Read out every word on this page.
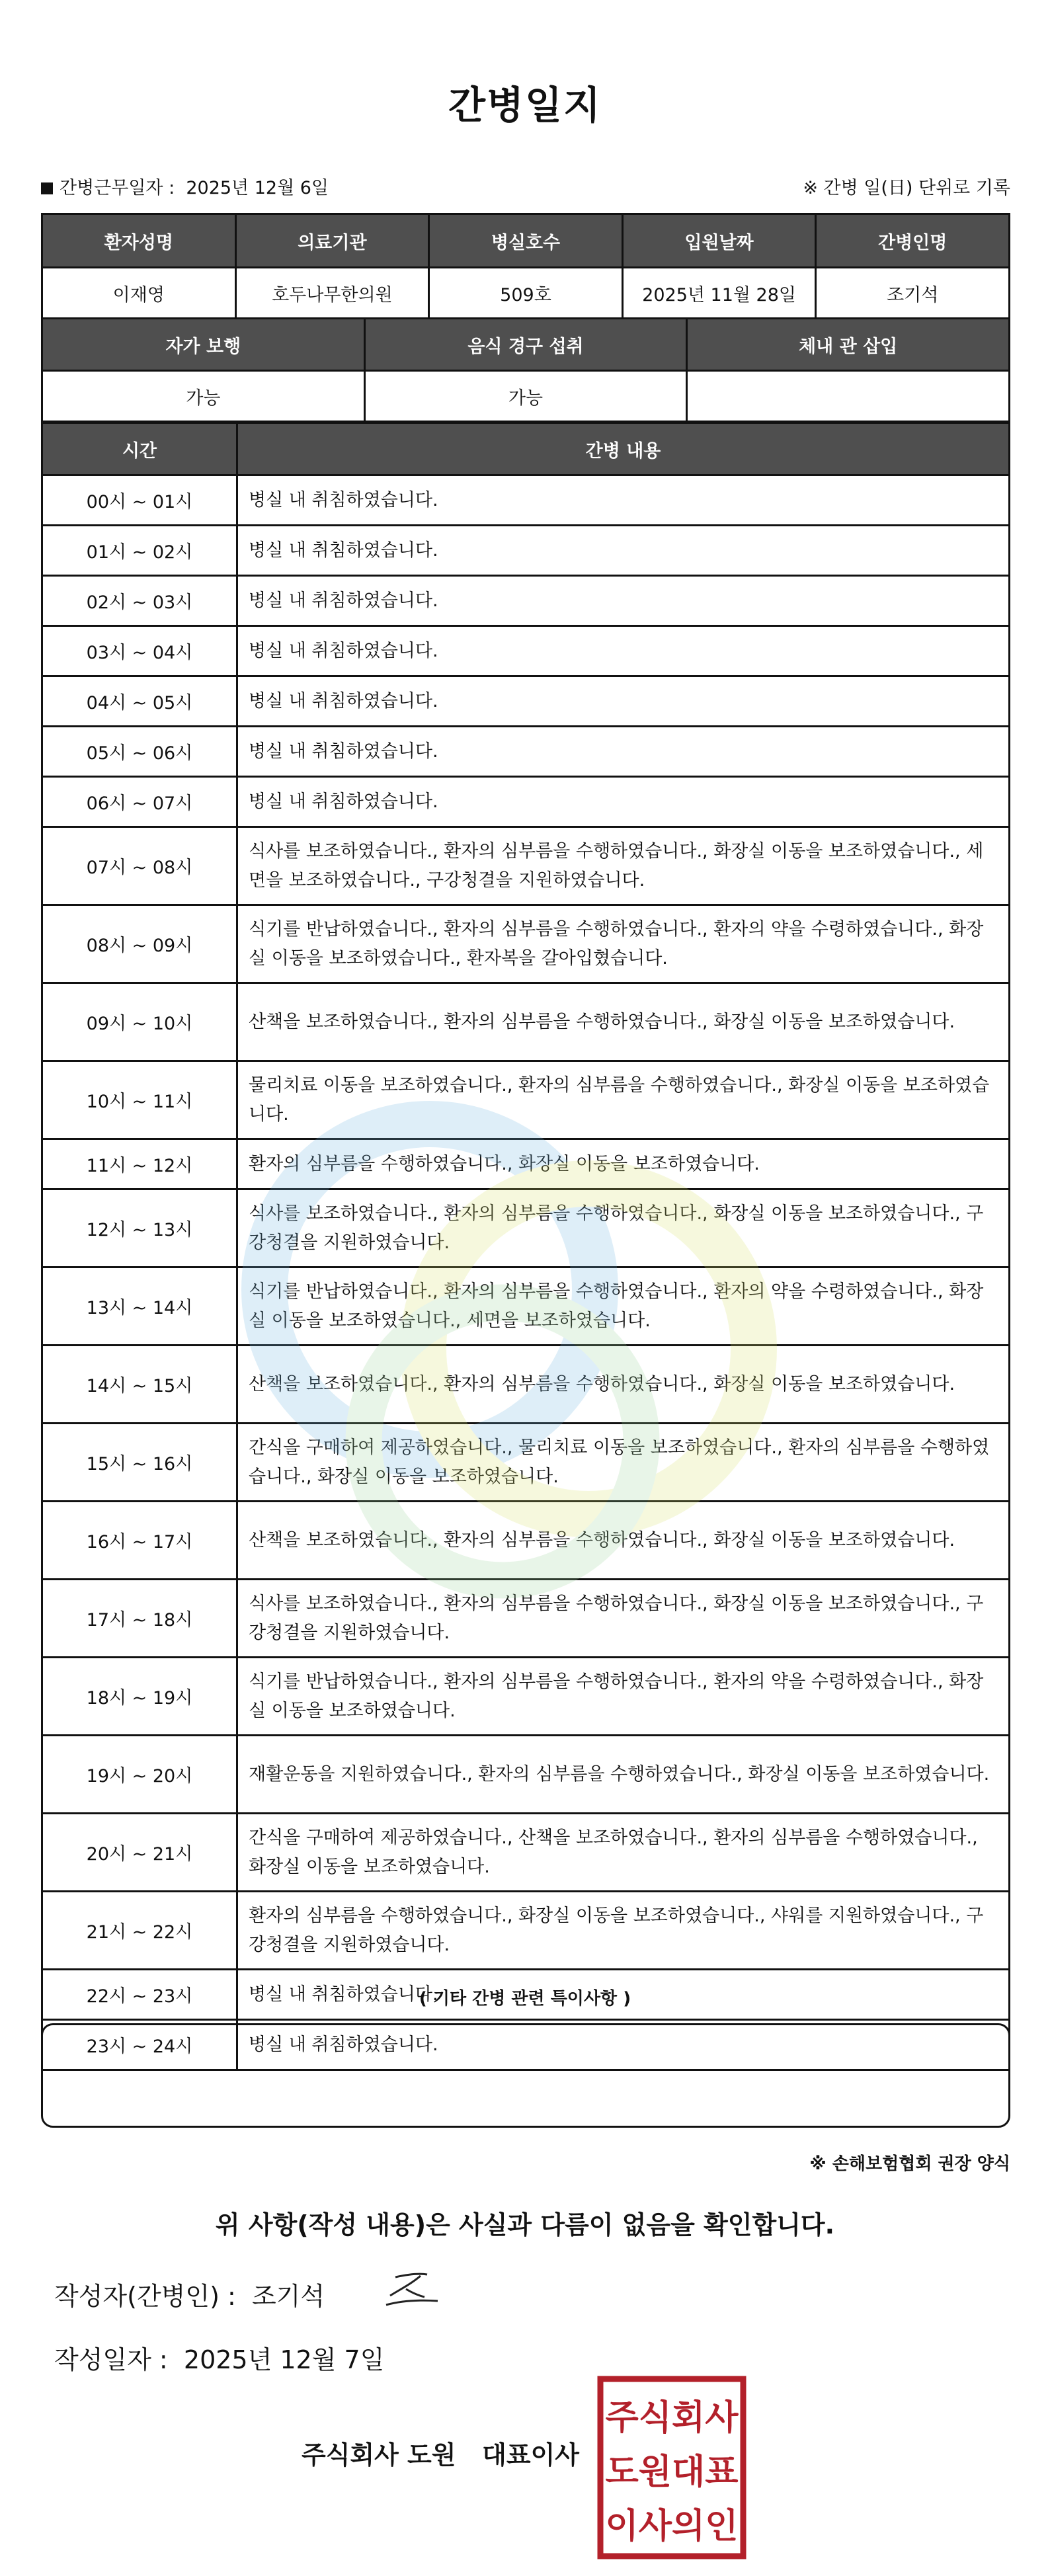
간병일지
간병근무일자 : 2025년 12월 6일	※ 간병 일(日) 단위로 기록
환자성명	의료기관	병실호수	입원날짜	간병인명
이재영	호두나무한의원	509호	2025년 11월 28일	조기석
자가 보행	음식 경구 섭취	체내 관 삽입
가능	가능	
시간	간병 내용
00시 ~ 01시	병실 내 취침하였습니다.
01시 ~ 02시	병실 내 취침하였습니다.
02시 ~ 03시	병실 내 취침하였습니다.
03시 ~ 04시	병실 내 취침하였습니다.
04시 ~ 05시	병실 내 취침하였습니다.
05시 ~ 06시	병실 내 취침하였습니다.
06시 ~ 07시	병실 내 취침하였습니다.
07시 ~ 08시	식사를 보조하였습니다., 환자의 심부름을 수행하였습니다., 화장실 이동을 보조하였습니다., 세면을 보조하였습니다., 구강청결을 지원하였습니다.
08시 ~ 09시	식기를 반납하였습니다., 환자의 심부름을 수행하였습니다., 환자의 약을 수령하였습니다., 화장실 이동을 보조하였습니다., 환자복을 갈아입혔습니다.
09시 ~ 10시	산책을 보조하였습니다., 환자의 심부름을 수행하였습니다., 화장실 이동을 보조하였습니다.
10시 ~ 11시	물리치료 이동을 보조하였습니다., 환자의 심부름을 수행하였습니다., 화장실 이동을 보조하였습니다.
11시 ~ 12시	환자의 심부름을 수행하였습니다., 화장실 이동을 보조하였습니다.
12시 ~ 13시	식사를 보조하였습니다., 환자의 심부름을 수행하였습니다., 화장실 이동을 보조하였습니다., 구강청결을 지원하였습니다.
13시 ~ 14시	식기를 반납하였습니다., 환자의 심부름을 수행하였습니다., 환자의 약을 수령하였습니다., 화장실 이동을 보조하였습니다., 세면을 보조하였습니다.
14시 ~ 15시	산책을 보조하였습니다., 환자의 심부름을 수행하였습니다., 화장실 이동을 보조하였습니다.
15시 ~ 16시	간식을 구매하여 제공하였습니다., 물리치료 이동을 보조하였습니다., 환자의 심부름을 수행하였습니다., 화장실 이동을 보조하였습니다.
16시 ~ 17시	산책을 보조하였습니다., 환자의 심부름을 수행하였습니다., 화장실 이동을 보조하였습니다.
17시 ~ 18시	식사를 보조하였습니다., 환자의 심부름을 수행하였습니다., 화장실 이동을 보조하였습니다., 구강청결을 지원하였습니다.
18시 ~ 19시	식기를 반납하였습니다., 환자의 심부름을 수행하였습니다., 환자의 약을 수령하였습니다., 화장실 이동을 보조하였습니다.
19시 ~ 20시	재활운동을 지원하였습니다., 환자의 심부름을 수행하였습니다., 화장실 이동을 보조하였습니다.
20시 ~ 21시	간식을 구매하여 제공하였습니다., 산책을 보조하였습니다., 환자의 심부름을 수행하였습니다., 화장실 이동을 보조하였습니다.
21시 ~ 22시	환자의 심부름을 수행하였습니다., 화장실 이동을 보조하였습니다., 샤워를 지원하였습니다., 구강청결을 지원하였습니다.
22시 ~ 23시	병실 내 취침하였습니다.
23시 ~ 24시	병실 내 취침하였습니다.
( 기타 간병 관련 특이사항 )
※ 손해보험협회 권장 양식
위 사항(작성 내용)은 사실과 다름이 없음을 확인합니다.
작성자(간병인) : 조기석
작성일자 : 2025년 12월 7일
주식회사 도원   대표이사
주식회사
도원대표
이사의인
